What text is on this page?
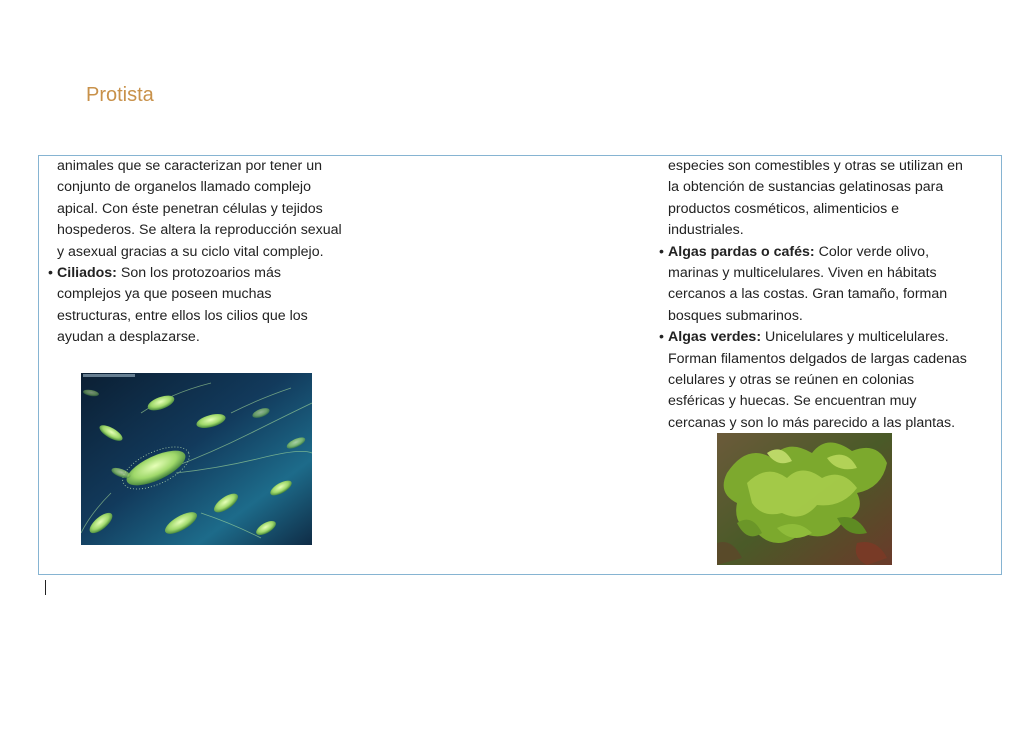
Protista
animales que se caracterizan por tener un
conjunto de organelos llamado complejo
apical. Con éste penetran células y tejidos
hospederos. Se altera la reproducción sexual
y asexual gracias a su ciclo vital complejo.
• Ciliados: Son los protozoarios más
complejos ya que poseen muchas
estructuras, entre ellos los cilios que los
ayudan a desplazarse.
especies son comestibles y otras se utilizan en
la obtención de sustancias gelatinosas para
productos cosméticos, alimenticios e
industriales.
• Algas pardas o cafés: Color verde olivo,
marinas y multicelulares. Viven en hábitats
cercanos a las costas. Gran tamaño, forman
bosques submarinos.
• Algas verdes: Unicelulares y multicelulares.
Forman filamentos delgados de largas cadenas
celulares y otras se reúnen en colonias
esféricas y huecas. Se encuentran muy
cercanas y son lo más parecido a las plantas.
